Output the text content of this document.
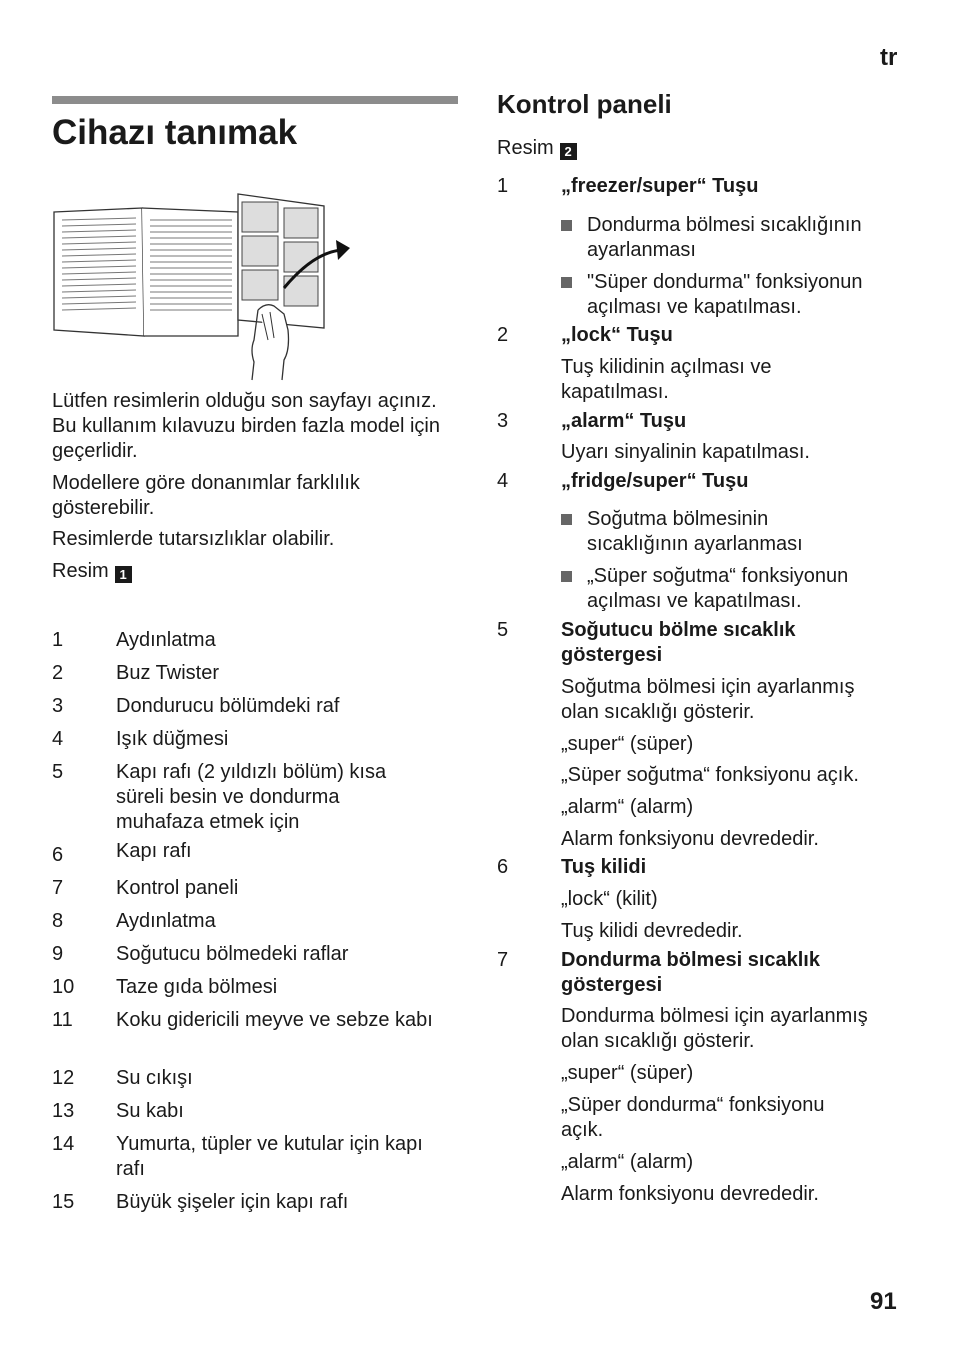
tr
91
Cihazı tanımak
Lütfen resimlerin olduğu son sayfayı açınız. Bu kullanım kılavuzu birden fazla model için geçerlidir.
Modellere göre donanımlar farklılık gösterebilir.
Resimlerde tutarsızlıklar olabilir.
Resim 1
1	Aydınlatma
2	Buz Twister
3	Dondurucu bölümdeki raf
4	Işık düğmesi
5	Kapı rafı (2 yıldızlı bölüm) kısa süreli besin ve dondurma muhafaza etmek için
6	Kapı rafı
7	Kontrol paneli
8	Aydınlatma
9	Soğutucu bölmedeki raflar
10	Taze gıda bölmesi
11	Koku gidericili meyve ve sebze kabı
12	Su cıkışı
13	Su kabı
14	Yumurta, tüpler ve kutular için kapı rafı
15	Büyük şişeler için kapı rafı
Kontrol paneli
Resim 2
1	„freezer/super“ Tuşu
Dondurma bölmesi sıcaklığının ayarlanması
"Süper dondurma" fonksiyonun açılması ve kapatılması.
2	„lock“ Tuşu
Tuş kilidinin açılması ve kapatılması.
3	„alarm“ Tuşu
Uyarı sinyalinin kapatılması.
4	„fridge/super“ Tuşu
Soğutma bölmesinin sıcaklığının ayarlanması
„Süper soğutma“ fonksiyonun açılması ve kapatılması.
5	Soğutucu bölme sıcaklık göstergesi
Soğutma bölmesi için ayarlanmış olan sıcaklığı gösterir.
„super“ (süper)
„Süper soğutma“ fonksiyonu açık.
„alarm“ (alarm)
Alarm fonksiyonu devrededir.
6	Tuş kilidi
„lock“ (kilit)
Tuş kilidi devrededir.
7	Dondurma bölmesi sıcaklık göstergesi
Dondurma bölmesi için ayarlanmış olan sıcaklığı gösterir.
„super“ (süper)
„Süper dondurma“ fonksiyonu açık.
„alarm“ (alarm)
Alarm fonksiyonu devrededir.
